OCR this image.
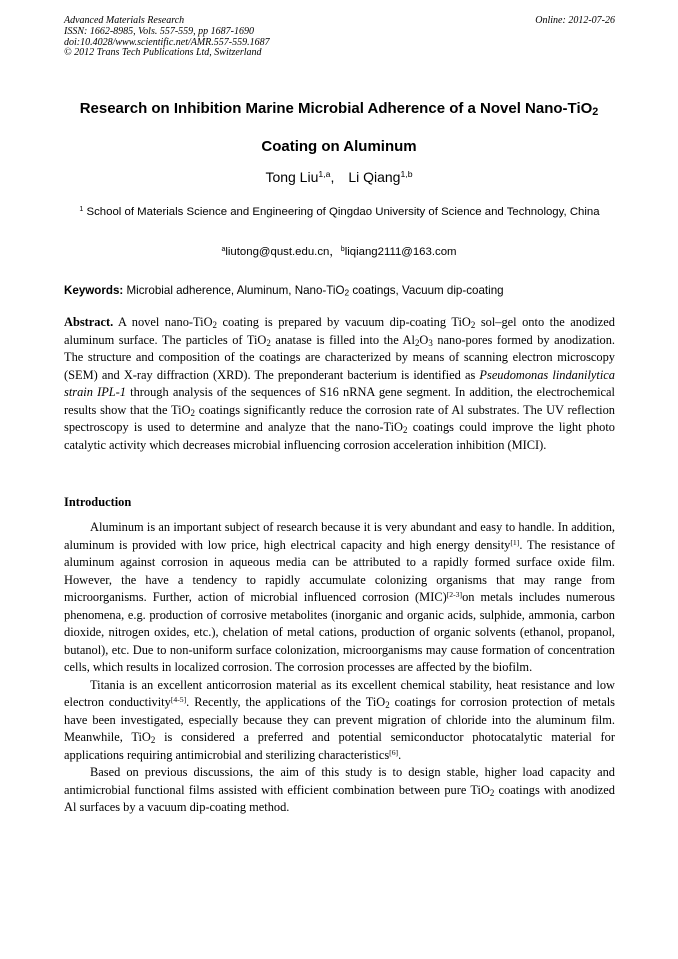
Advanced Materials Research
ISSN: 1662-8985, Vols. 557-559, pp 1687-1690
doi:10.4028/www.scientific.net/AMR.557-559.1687
© 2012 Trans Tech Publications Ltd, Switzerland
Online: 2012-07-26
Research on Inhibition Marine Microbial Adherence of a Novel Nano-TiO$_2$
Coating on Aluminum
Tong Liu$^{1,a}$, Li Qiang$^{1,b}$
$^1$ School of Materials Science and Engineering of Qingdao University of Science and Technology, China
$^a$liutong@qust.edu.cn，$^b$liqiang2111@163.com
Keywords: Microbial adherence, Aluminum, Nano-TiO$_2$ coatings, Vacuum dip-coating
Abstract. A novel nano-TiO$_2$ coating is prepared by vacuum dip-coating TiO$_2$ sol–gel onto the anodized aluminum surface. The particles of TiO$_2$ anatase is filled into the $Al_2O_3$ nano-pores formed by anodization. The structure and composition of the coatings are characterized by means of scanning electron microscopy (SEM) and X-ray diffraction (XRD). The preponderant bacterium is identified as Pseudomonas lindanilytica strain IPL-1 through analysis of the sequences of S16 nRNA gene segment. In addition, the electrochemical results show that the TiO$_2$ coatings significantly reduce the corrosion rate of Al substrates. The UV reflection spectroscopy is used to determine and analyze that the nano-TiO$_2$ coatings could improve the light photo catalytic activity which decreases microbial influencing corrosion acceleration inhibition (MICI).
Introduction

Aluminum is an important subject of research because it is very abundant and easy to handle. In addition, aluminum is provided with low price, high electrical capacity and high energy density[1]. The resistance of aluminum against corrosion in aqueous media can be attributed to a rapidly formed surface oxide film. However, the have a tendency to rapidly accumulate colonizing organisms that may range from microorganisms. Further, action of microbial influenced corrosion (MIC)[2-3]on metals includes numerous phenomena, e.g. production of corrosive metabolites (inorganic and organic acids, sulphide, ammonia, carbon dioxide, nitrogen oxides, etc.), chelation of metal cations, production of organic solvents (ethanol, propanol, butanol), etc. Due to non-uniform surface colonization, microorganisms may cause formation of concentration cells, which results in localized corrosion. The corrosion processes are affected by the biofilm.

Titania is an excellent anticorrosion material as its excellent chemical stability, heat resistance and low electron conductivity[4-5]. Recently, the applications of the TiO$_2$ coatings for corrosion protection of metals have been investigated, especially because they can prevent migration of chloride into the aluminum film. Meanwhile, TiO$_2$ is considered a preferred and potential semiconductor photocatalytic material for applications requiring antimicrobial and sterilizing characteristics[6].

Based on previous discussions, the aim of this study is to design stable, higher load capacity and antimicrobial functional films assisted with efficient combination between pure TiO$_2$ coatings with anodized Al surfaces by a vacuum dip-coating method.
